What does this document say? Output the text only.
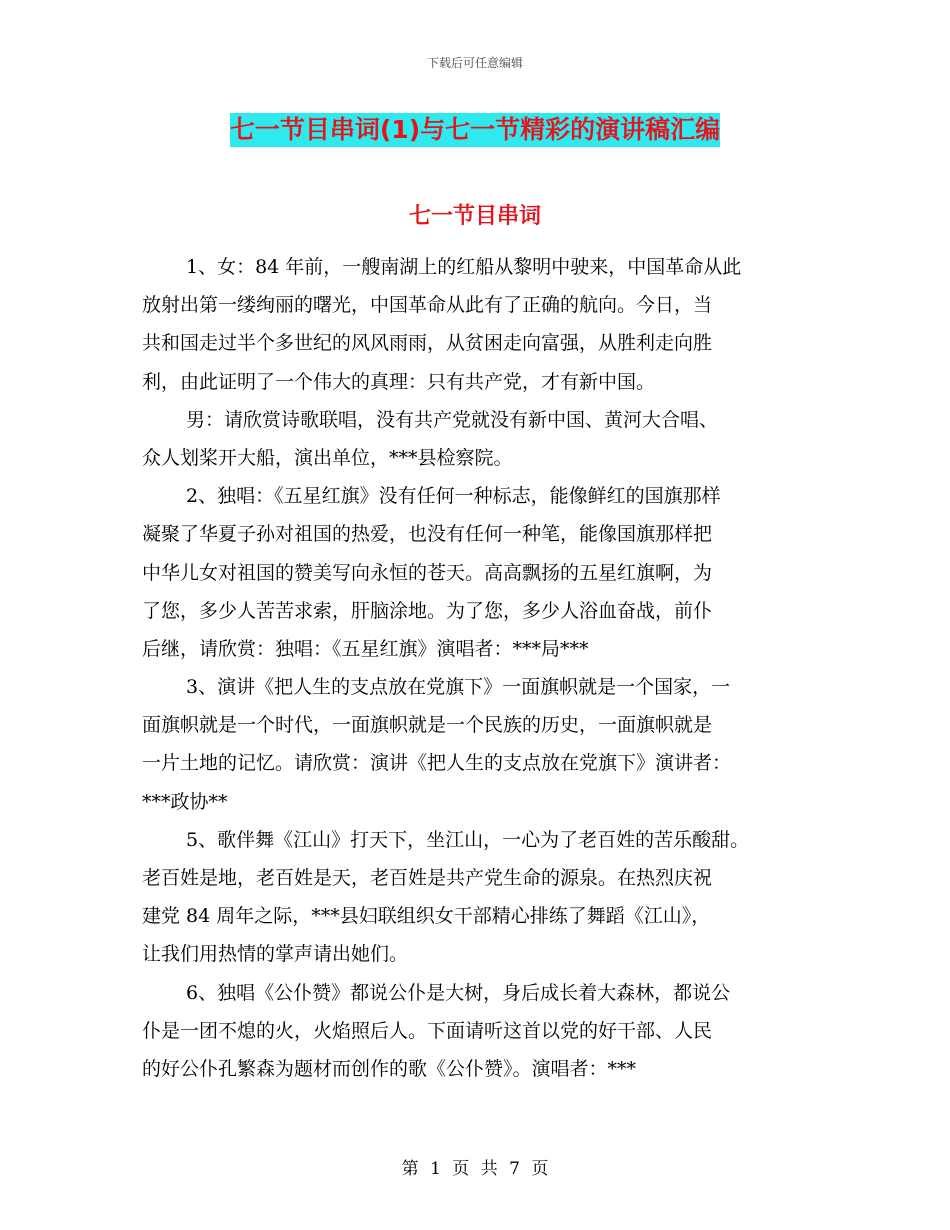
下载后可任意编辑
七一节目串词(1)与七一节精彩的演讲稿汇编
七一节目串词
1、女：84 年前，一艘南湖上的红船从黎明中驶来，中国革命从此
放射出第一缕绚丽的曙光，中国革命从此有了正确的航向。今日，当
共和国走过半个多世纪的风风雨雨，从贫困走向富强，从胜利走向胜
利，由此证明了一个伟大的真理：只有共产党，才有新中国。
男：请欣赏诗歌联唱，没有共产党就没有新中国、黄河大合唱、
众人划桨开大船，演出单位，***县检察院。
2、独唱：《五星红旗》没有任何一种标志，能像鲜红的国旗那样
凝聚了华夏子孙对祖国的热爱，也没有任何一种笔，能像国旗那样把
中华儿女对祖国的赞美写向永恒的苍天。高高飘扬的五星红旗啊，为
了您，多少人苦苦求索，肝脑涂地。为了您，多少人浴血奋战，前仆
后继，请欣赏：独唱：《五星红旗》演唱者：***局***
3、演讲《把人生的支点放在党旗下》一面旗帜就是一个国家，一
面旗帜就是一个时代，一面旗帜就是一个民族的历史，一面旗帜就是
一片土地的记忆。请欣赏：演讲《把人生的支点放在党旗下》演讲者：
***政协**
5、歌伴舞《江山》打天下，坐江山，一心为了老百姓的苦乐酸甜。
老百姓是地，老百姓是天，老百姓是共产党生命的源泉。在热烈庆祝
建党 84 周年之际，***县妇联组织女干部精心排练了舞蹈《江山》，
让我们用热情的掌声请出她们。
6、独唱《公仆赞》都说公仆是大树，身后成长着大森林，都说公
仆是一团不熄的火，火焰照后人。下面请听这首以党的好干部、人民
的好公仆孔繁森为题材而创作的歌《公仆赞》。演唱者：***
第 1 页 共 7 页
